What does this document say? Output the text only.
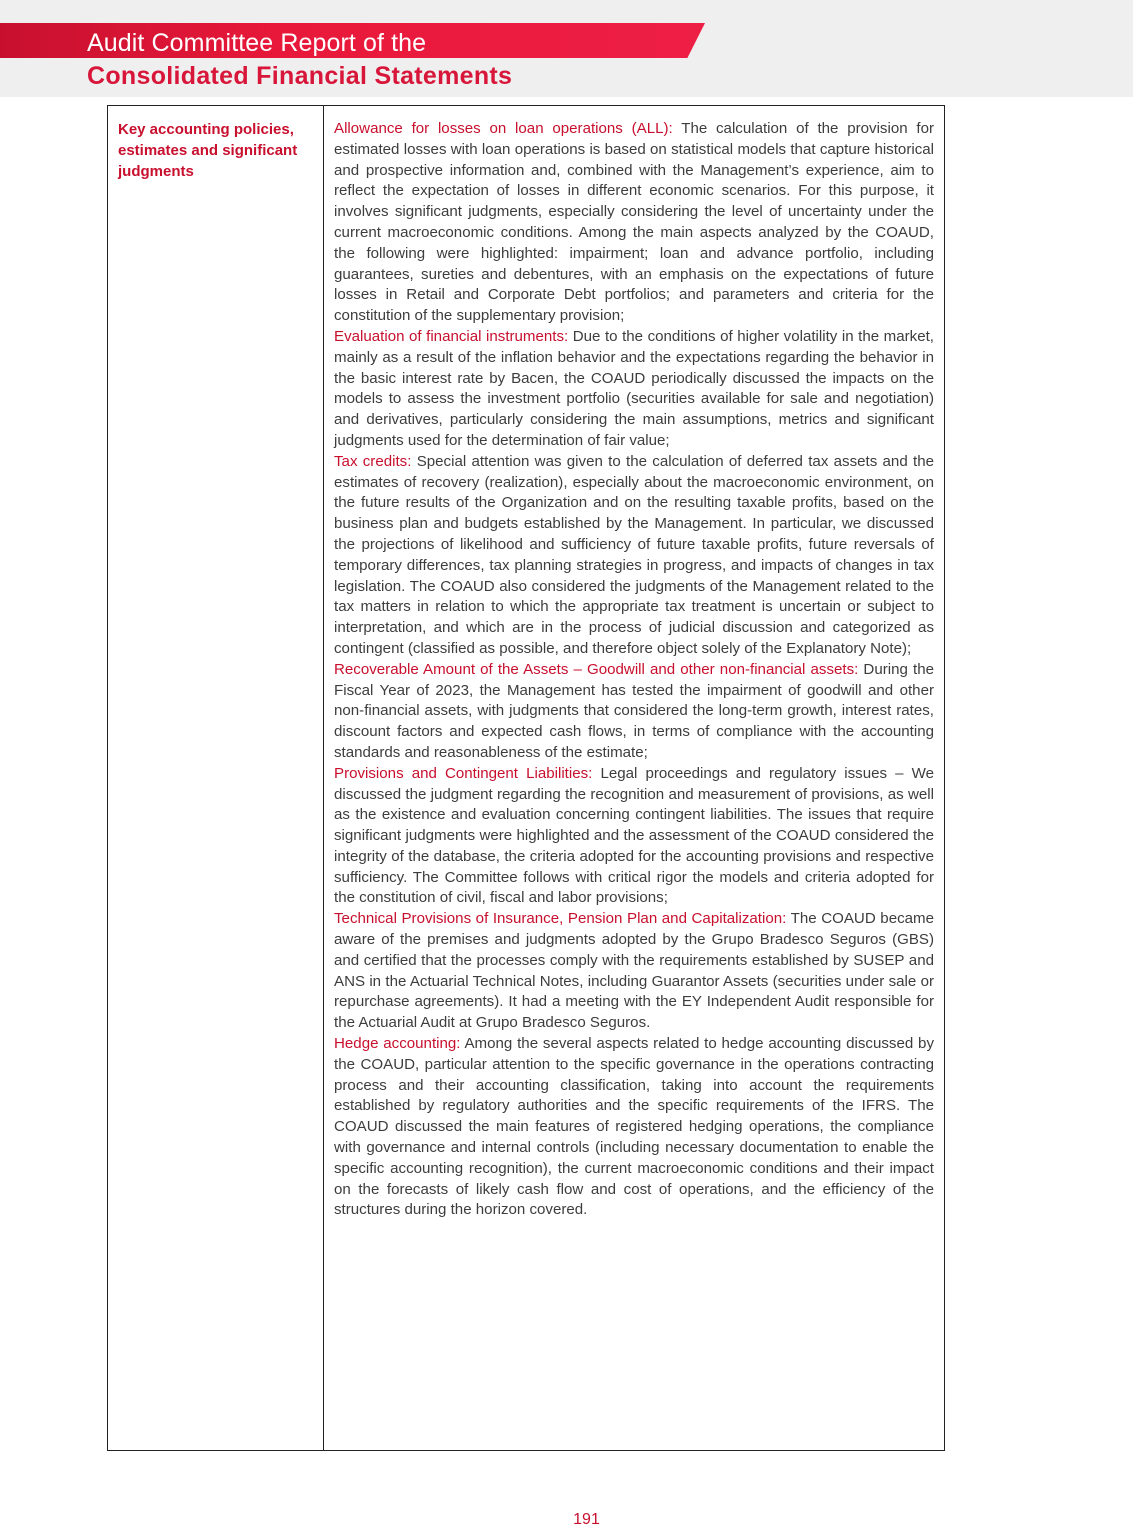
Audit Committee Report of the
Consolidated Financial Statements
Key accounting policies, estimates and significant judgments

Allowance for losses on loan operations (ALL): The calculation of the provision for estimated losses with loan operations is based on statistical models that capture historical and prospective information and, combined with the Management’s experience, aim to reflect the expectation of losses in different economic scenarios. For this purpose, it involves significant judgments, especially considering the level of uncertainty under the current macroeconomic conditions. Among the main aspects analyzed by the COAUD, the following were highlighted: impairment; loan and advance portfolio, including guarantees, sureties and debentures, with an emphasis on the expectations of future losses in Retail and Corporate Debt portfolios; and parameters and criteria for the constitution of the supplementary provision;

Evaluation of financial instruments: Due to the conditions of higher volatility in the market, mainly as a result of the inflation behavior and the expectations regarding the behavior in the basic interest rate by Bacen, the COAUD periodically discussed the impacts on the models to assess the investment portfolio (securities available for sale and negotiation) and derivatives, particularly considering the main assumptions, metrics and significant judgments used for the determination of fair value;

Tax credits: Special attention was given to the calculation of deferred tax assets and the estimates of recovery (realization), especially about the macroeconomic environment, on the future results of the Organization and on the resulting taxable profits, based on the business plan and budgets established by the Management. In particular, we discussed the projections of likelihood and sufficiency of future taxable profits, future reversals of temporary differences, tax planning strategies in progress, and impacts of changes in tax legislation. The COAUD also considered the judgments of the Management related to the tax matters in relation to which the appropriate tax treatment is uncertain or subject to interpretation, and which are in the process of judicial discussion and categorized as contingent (classified as possible, and therefore object solely of the Explanatory Note);

Recoverable Amount of the Assets – Goodwill and other non-financial assets: During the Fiscal Year of 2023, the Management has tested the impairment of goodwill and other non-financial assets, with judgments that considered the long-term growth, interest rates, discount factors and expected cash flows, in terms of compliance with the accounting standards and reasonableness of the estimate;

Provisions and Contingent Liabilities: Legal proceedings and regulatory issues – We discussed the judgment regarding the recognition and measurement of provisions, as well as the existence and evaluation concerning contingent liabilities. The issues that require significant judgments were highlighted and the assessment of the COAUD considered the integrity of the database, the criteria adopted for the accounting provisions and respective sufficiency. The Committee follows with critical rigor the models and criteria adopted for the constitution of civil, fiscal and labor provisions;

Technical Provisions of Insurance, Pension Plan and Capitalization: The COAUD became aware of the premises and judgments adopted by the Grupo Bradesco Seguros (GBS) and certified that the processes comply with the requirements established by SUSEP and ANS in the Actuarial Technical Notes, including Guarantor Assets (securities under sale or repurchase agreements). It had a meeting with the EY Independent Audit responsible for the Actuarial Audit at Grupo Bradesco Seguros.

Hedge accounting: Among the several aspects related to hedge accounting discussed by the COAUD, particular attention to the specific governance in the operations contracting process and their accounting classification, taking into account the requirements established by regulatory authorities and the specific requirements of the IFRS. The COAUD discussed the main features of registered hedging operations, the compliance with governance and internal controls (including necessary documentation to enable the specific accounting recognition), the current macroeconomic conditions and their impact on the forecasts of likely cash flow and cost of operations, and the efficiency of the structures during the horizon covered.

191
